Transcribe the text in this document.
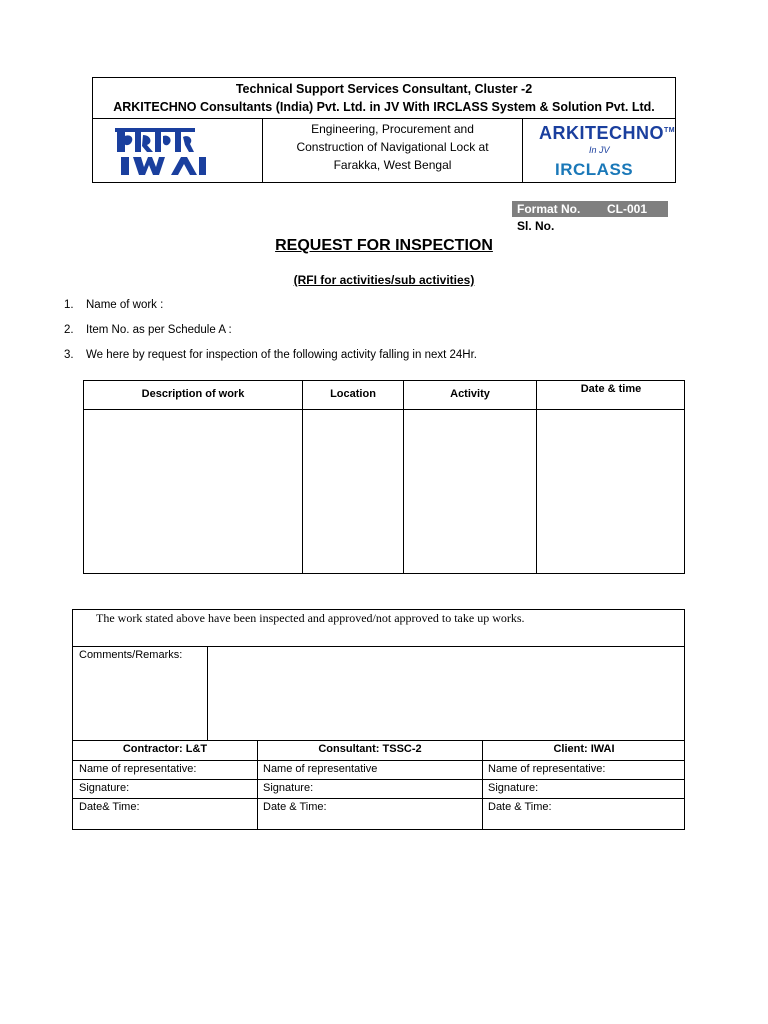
Technical Support Services Consultant, Cluster -2
ARKITECHNO Consultants (India) Pvt. Ltd. in JV With IRCLASS System & Solution Pvt. Ltd.
Engineering, Procurement and
Construction of Navigational Lock at
Farakka, West Bengal
ARKITECHNO™
In JV
IRCLASS
Format No. CL-001
Sl. No.
REQUEST FOR INSPECTION
(RFI for activities/sub activities)
1. Name of work :
2. Item No. as per Schedule A :
3. We here by request for inspection of the following activity falling in next 24Hr.
Description of work	Location	Activity	Date & time
The work stated above have been inspected and approved/not approved to take up works.
Comments/Remarks:
Contractor: L&T	Consultant: TSSC-2	Client: IWAI
Name of representative:	Name of representative	Name of representative:
Signature:	Signature:	Signature:
Date& Time:	Date & Time:	Date & Time:
